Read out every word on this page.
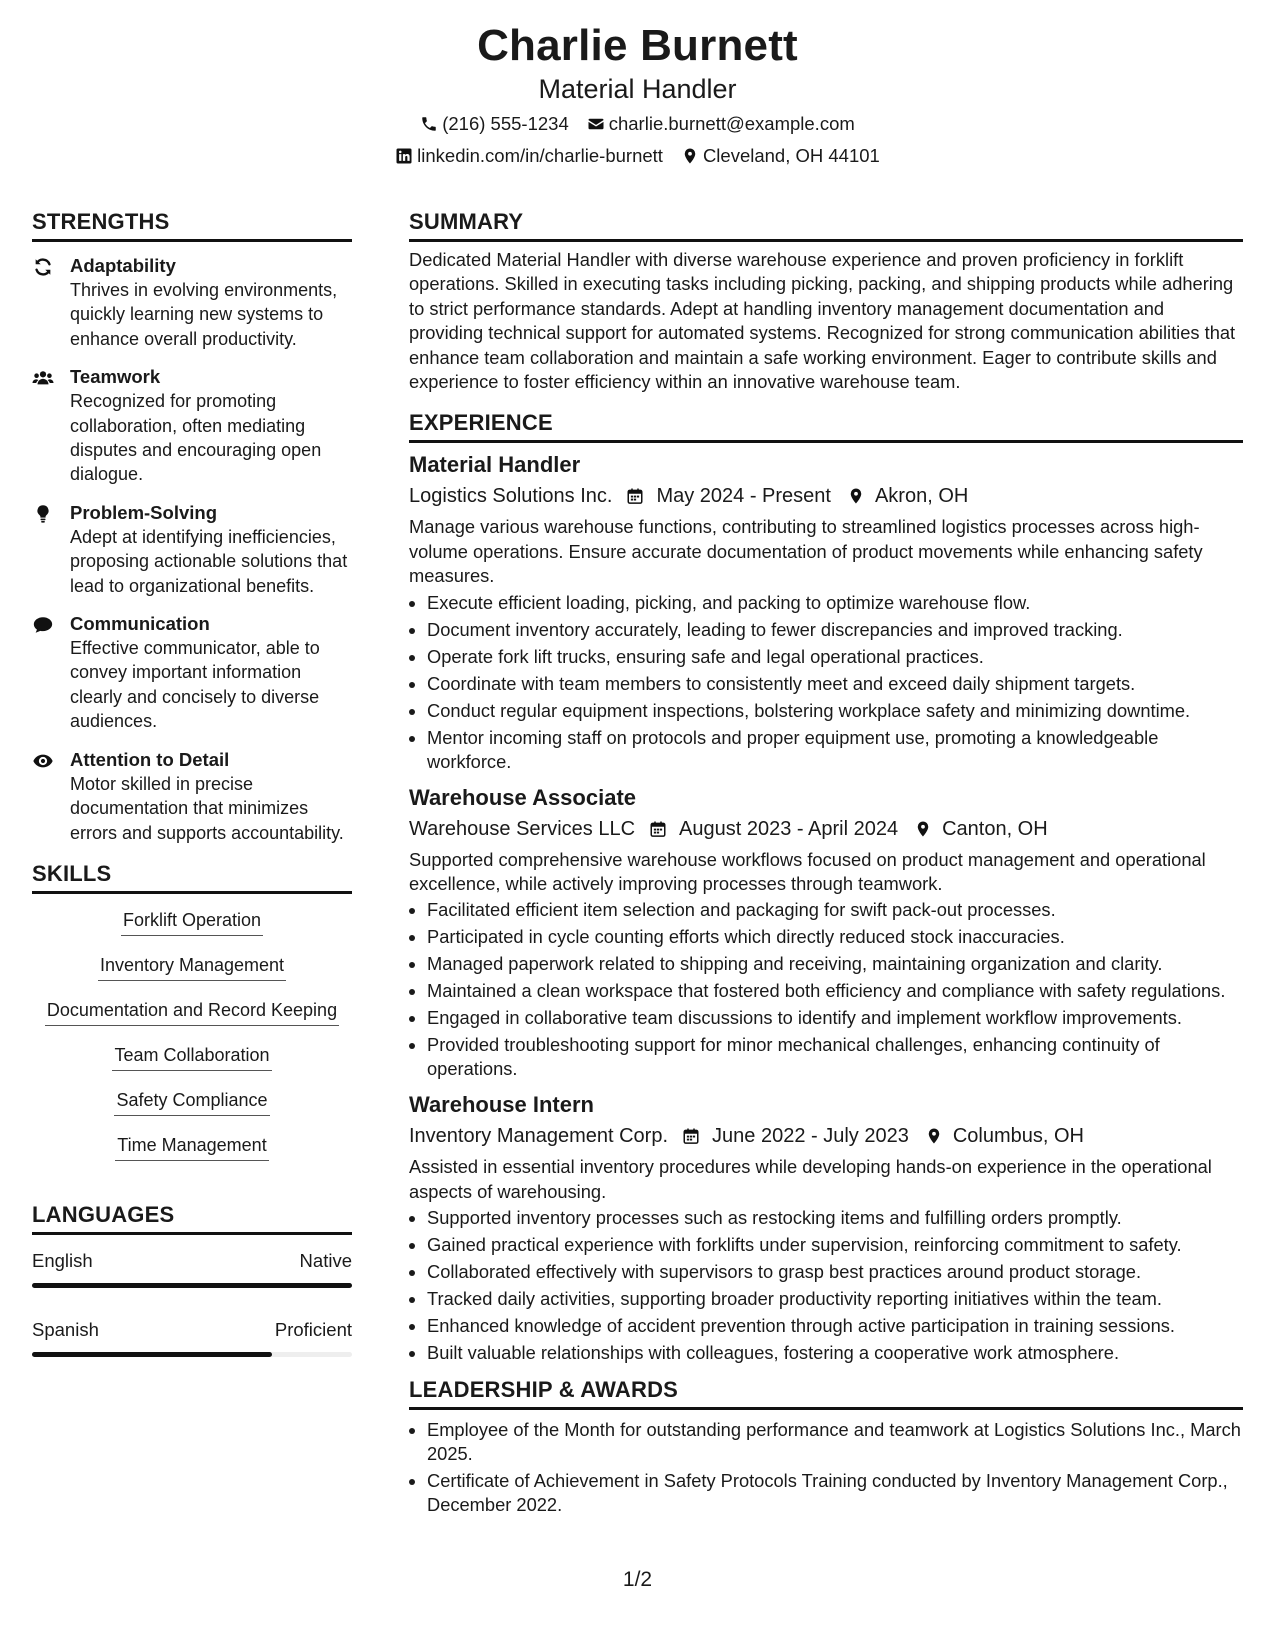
Charlie Burnett
Material Handler
(216) 555-1234 charlie.burnett@example.com
linkedin.com/in/charlie-burnett Cleveland, OH 44101
STRENGTHS
Adaptability
Thrives in evolving environments, quickly learning new systems to enhance overall productivity.
Teamwork
Recognized for promoting collaboration, often mediating disputes and encouraging open dialogue.
Problem-Solving
Adept at identifying inefficiencies, proposing actionable solutions that lead to organizational benefits.
Communication
Effective communicator, able to convey important information clearly and concisely to diverse audiences.
Attention to Detail
Motor skilled in precise documentation that minimizes errors and supports accountability.
SKILLS
Forklift Operation
Inventory Management
Documentation and Record Keeping
Team Collaboration
Safety Compliance
Time Management
LANGUAGES
English	Native
Spanish	Proficient
SUMMARY
Dedicated Material Handler with diverse warehouse experience and proven proficiency in forklift operations. Skilled in executing tasks including picking, packing, and shipping products while adhering to strict performance standards. Adept at handling inventory management documentation and providing technical support for automated systems. Recognized for strong communication abilities that enhance team collaboration and maintain a safe working environment. Eager to contribute skills and experience to foster efficiency within an innovative warehouse team.
EXPERIENCE
Material Handler
Logistics Solutions Inc. May 2024 - Present Akron, OH
Manage various warehouse functions, contributing to streamlined logistics processes across high-volume operations. Ensure accurate documentation of product movements while enhancing safety measures.
• Execute efficient loading, picking, and packing to optimize warehouse flow.
• Document inventory accurately, leading to fewer discrepancies and improved tracking.
• Operate fork lift trucks, ensuring safe and legal operational practices.
• Coordinate with team members to consistently meet and exceed daily shipment targets.
• Conduct regular equipment inspections, bolstering workplace safety and minimizing downtime.
• Mentor incoming staff on protocols and proper equipment use, promoting a knowledgeable workforce.
Warehouse Associate
Warehouse Services LLC August 2023 - April 2024 Canton, OH
Supported comprehensive warehouse workflows focused on product management and operational excellence, while actively improving processes through teamwork.
• Facilitated efficient item selection and packaging for swift pack-out processes.
• Participated in cycle counting efforts which directly reduced stock inaccuracies.
• Managed paperwork related to shipping and receiving, maintaining organization and clarity.
• Maintained a clean workspace that fostered both efficiency and compliance with safety regulations.
• Engaged in collaborative team discussions to identify and implement workflow improvements.
• Provided troubleshooting support for minor mechanical challenges, enhancing continuity of operations.
Warehouse Intern
Inventory Management Corp. June 2022 - July 2023 Columbus, OH
Assisted in essential inventory procedures while developing hands-on experience in the operational aspects of warehousing.
• Supported inventory processes such as restocking items and fulfilling orders promptly.
• Gained practical experience with forklifts under supervision, reinforcing commitment to safety.
• Collaborated effectively with supervisors to grasp best practices around product storage.
• Tracked daily activities, supporting broader productivity reporting initiatives within the team.
• Enhanced knowledge of accident prevention through active participation in training sessions.
• Built valuable relationships with colleagues, fostering a cooperative work atmosphere.
LEADERSHIP & AWARDS
• Employee of the Month for outstanding performance and teamwork at Logistics Solutions Inc., March 2025.
• Certificate of Achievement in Safety Protocols Training conducted by Inventory Management Corp., December 2022.
1/2
